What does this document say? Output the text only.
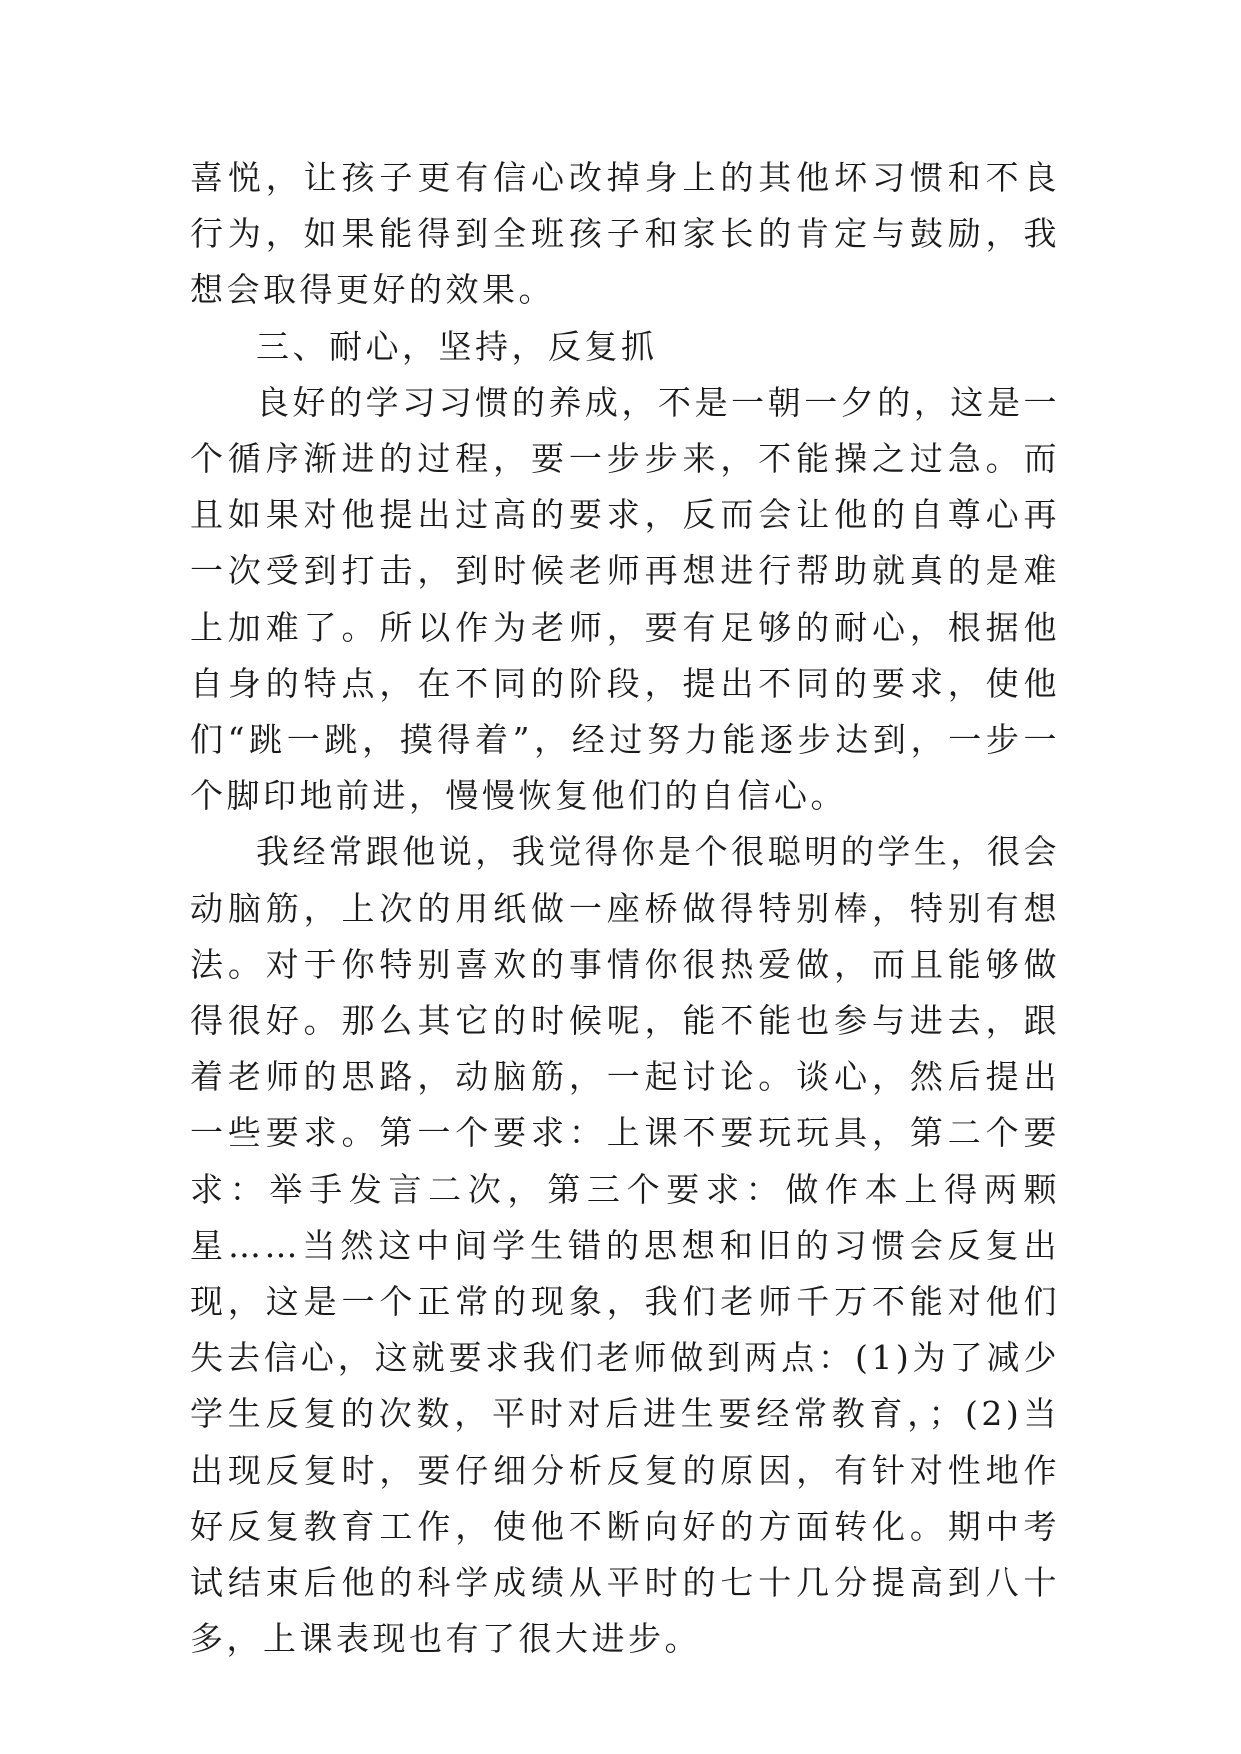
喜悦，让孩子更有信心改掉身上的其他坏习惯和不良行为，如果能得到全班孩子和家长的肯定与鼓励，我想会取得更好的效果。

三、耐心，坚持，反复抓

良好的学习习惯的养成，不是一朝一夕的，这是一个循序渐进的过程，要一步步来，不能操之过急。而且如果对他提出过高的要求，反而会让他的自尊心再一次受到打击，到时候老师再想进行帮助就真的是难上加难了。所以作为老师，要有足够的耐心，根据他自身的特点，在不同的阶段，提出不同的要求，使他们“跳一跳，摸得着”，经过努力能逐步达到，一步一个脚印地前进，慢慢恢复他们的自信心。

我经常跟他说，我觉得你是个很聪明的学生，很会动脑筋，上次的用纸做一座桥做得特别棒，特别有想法。对于你特别喜欢的事情你很热爱做，而且能够做得很好。那么其它的时候呢，能不能也参与进去，跟着老师的思路，动脑筋，一起讨论。谈心，然后提出一些要求。第一个要求：上课不要玩玩具，第二个要求：举手发言二次，第三个要求：做作本上得两颗星……当然这中间学生错的思想和旧的习惯会反复出现，这是一个正常的现象，我们老师千万不能对他们失去信心，这就要求我们老师做到两点：(1)为了减少学生反复的次数，平时对后进生要经常教育，；(2)当出现反复时，要仔细分析反复的原因，有针对性地作好反复教育工作，使他不断向好的方面转化。期中考试结束后他的科学成绩从平时的七十几分提高到八十多，上课表现也有了很大进步。
